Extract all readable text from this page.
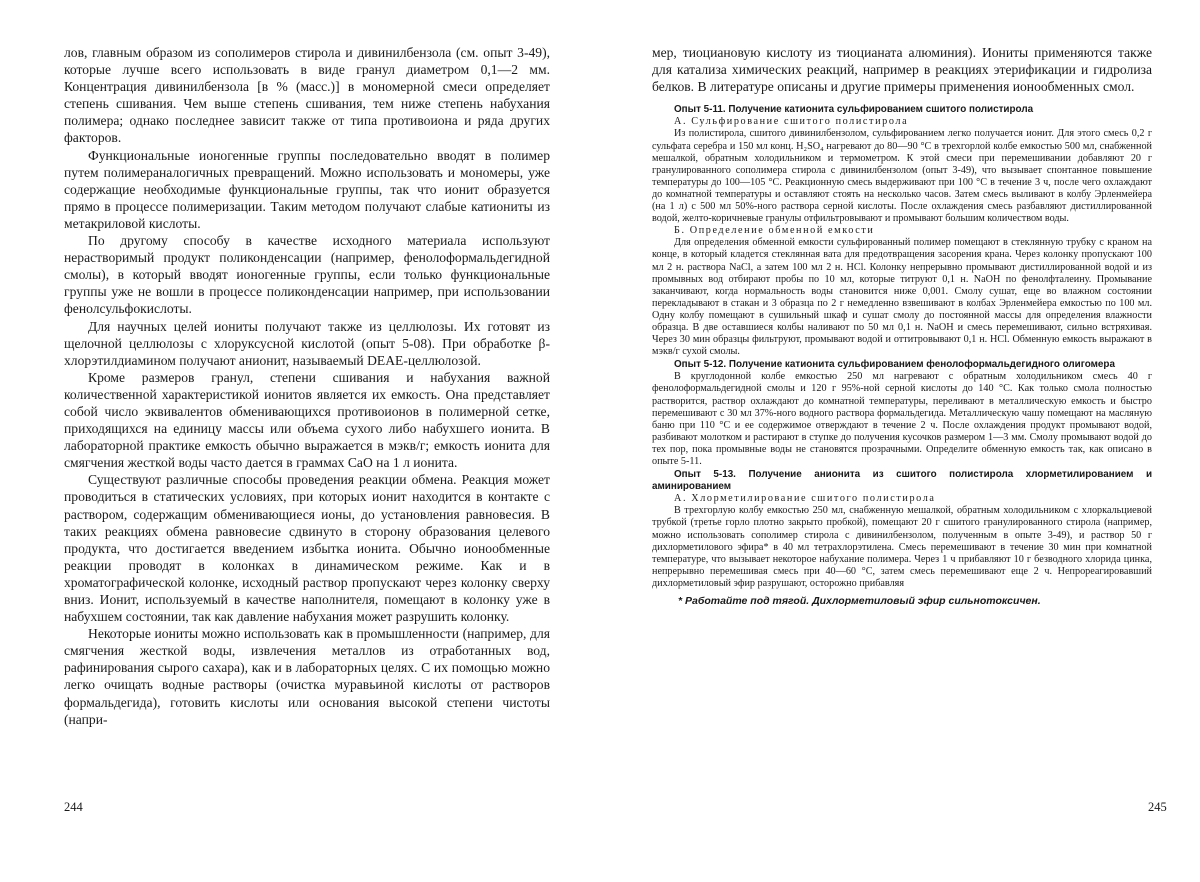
лов, главным образом из сополимеров стирола и дивинилбензола (см. опыт 3-49), которые лучше всего использовать в виде гранул диаметром 0,1—2 мм. Концентрация дивинилбензола [в % (масс.)] в мономерной смеси определяет степень сшивания. Чем выше степень сшивания, тем ниже степень набухания полимера; однако последнее зависит также от типа противоиона и ряда других факторов.

Функциональные ионогенные группы последовательно вводят в полимер путем полимераналогичных превращений. Можно использовать и мономеры, уже содержащие необходимые функциональные группы, так что ионит образуется прямо в процессе полимеризации. Таким методом получают слабые катиониты из метакриловой кислоты.

По другому способу в качестве исходного материала используют нерастворимый продукт поликонденсации (например, фенолоформальдегидной смолы), в который вводят ионогенные группы, если только функциональные группы уже не вошли в процессе поликонденсации например, при использовании фенолсульфокислоты.

Для научных целей иониты получают также из целлюлозы. Их готовят из щелочной целлюлозы с хлоруксусной кислотой (опыт 5-08). При обработке β-хлорэтилдиамином получают анионит, называемый DEAE-целлюлозой.

Кроме размеров гранул, степени сшивания и набухания важной количественной характеристикой ионитов является их емкость. Она представляет собой число эквивалентов обменивающихся противоионов в полимерной сетке, приходящихся на единицу массы или объема сухого либо набухшего ионита. В лабораторной практике емкость обычно выражается в мэкв/г; емкость ионита для смягчения жесткой воды часто дается в граммах СаО на 1 л ионита.

Существуют различные способы проведения реакции обмена. Реакция может проводиться в статических условиях, при которых ионит находится в контакте с раствором, содержащим обменивающиеся ионы, до установления равновесия. В таких реакциях обмена равновесие сдвинуто в сторону образования целевого продукта, что достигается введением избытка ионита. Обычно ионообменные реакции проводят в колонках в динамическом режиме. Как и в хроматографической колонке, исходный раствор пропускают через колонку сверху вниз. Ионит, используемый в качестве наполнителя, помещают в колонку уже в набухшем состоянии, так как давление набухания может разрушить колонку.

Некоторые иониты можно использовать как в промышленности (например, для смягчения жесткой воды, извлечения металлов из отработанных вод, рафинирования сырого сахара), как и в лабораторных целях. С их помощью можно легко очищать водные растворы (очистка муравьиной кислоты от растворов формальдегида), готовить кислоты или основания высокой степени чистоты (напри-

244

мер, тиоциановую кислоту из тиоцианата алюминия). Иониты применяются также для катализа химических реакций, например в реакциях этерификации и гидролиза белков. В литературе описаны и другие примеры применения ионообменных смол.

Опыт 5-11. Получение катионита сульфированием сшитого полистирола
А. Сульфирование сшитого полистирола

Из полистирола, сшитого дивинилбензолом, сульфированием легко получается ионит. Для этого смесь 0,2 г сульфата серебра и 150 мл конц. H₂SO₄ нагревают до 80—90 °С в трехгорлой колбе емкостью 500 мл, снабженной мешалкой, обратным холодильником и термометром. К этой смеси при перемешивании добавляют 20 г гранулированного сополимера стирола с дивинилбензолом (опыт 3-49), что вызывает спонтанное повышение температуры до 100—105 °С. Реакционную смесь выдерживают при 100 °С в течение 3 ч, после чего охлаждают до комнатной температуры и оставляют стоять на несколько часов. Затем смесь выливают в колбу Эрленмейера (на 1 л) с 500 мл 50%-ного раствора серной кислоты. После охлаждения смесь разбавляют дистиллированной водой, желто-коричневые гранулы отфильтровывают и промывают большим количеством воды.

Б. Определение обменной емкости

Для определения обменной емкости сульфированный полимер помещают в стеклянную трубку с краном на конце, в который кладется стеклянная вата для предотвращения засорения крана. Через колонку пропускают 100 мл 2 н. раствора NaCl, а затем 100 мл 2 н. HCl. Колонку непрерывно промывают дистиллированной водой и из промывных вод отбирают пробы по 10 мл, которые титруют 0,1 н. NaOH по фенолфталеину. Промывание заканчивают, когда нормальность воды становится ниже 0,001. Смолу сушат, еще во влажном состоянии перекладывают в стакан и 3 образца по 2 г немедленно взвешивают в колбах Эрленмейера емкостью по 100 мл. Одну колбу помещают в сушильный шкаф и сушат смолу до постоянной массы для определения влажности образца. В две оставшиеся колбы наливают по 50 мл 0,1 н. NaOH и смесь перемешивают, сильно встряхивая. Через 30 мин образцы фильтруют, промывают водой и оттитровывают 0,1 н. HCl. Обменную емкость выражают в мэкв/г сухой смолы.

Опыт 5-12. Получение катионита сульфированием фенолоформальдегидного олигомера

В круглодонной колбе емкостью 250 мл нагревают с обратным холодильником смесь 40 г фенолоформальдегидной смолы и 120 г 95%-ной серной кислоты до 140 °С. Как только смола полностью растворится, раствор охлаждают до комнатной температуры, переливают в металлическую емкость и быстро перемешивают с 30 мл 37%-ного водного раствора формальдегида. Металлическую чашу помещают на масляную баню при 110 °С и ее содержимое отверждают в течение 2 ч. После охлаждения продукт промывают водой, разбивают молотком и растирают в ступке до получения кусочков размером 1—3 мм. Смолу промывают водой до тех пор, пока промывные воды не становятся прозрачными. Определите обменную емкость так, как описано в опыте 5-11.

Опыт 5-13. Получение анионита из сшитого полистирола хлорметилированием и аминированием
А. Хлорметилирование сшитого полистирола

В трехгорлую колбу емкостью 250 мл, снабженную мешалкой, обратным холодильником с хлоркальциевой трубкой (третье горло плотно закрыто пробкой), помещают 20 г сшитого гранулированного стирола (например, можно использовать сополимер стирола с дивинилбензолом, полученным в опыте 3-49), и раствор 50 г дихлорметилового эфира* в 40 мл тетрахлорэтилена. Смесь перемешивают в течение 30 мин при комнатной температуре, что вызывает некоторое набухание полимера. Через 1 ч прибавляют 10 г безводного хлорида цинка, непрерывно перемешивая смесь при 40—60 °С, затем смесь перемешивают еще 2 ч. Непрореагировавший дихлорметиловый эфир разрушают, осторожно прибавляя

* Работайте под тягой. Дихлорметиловый эфир сильнотоксичен.
245
